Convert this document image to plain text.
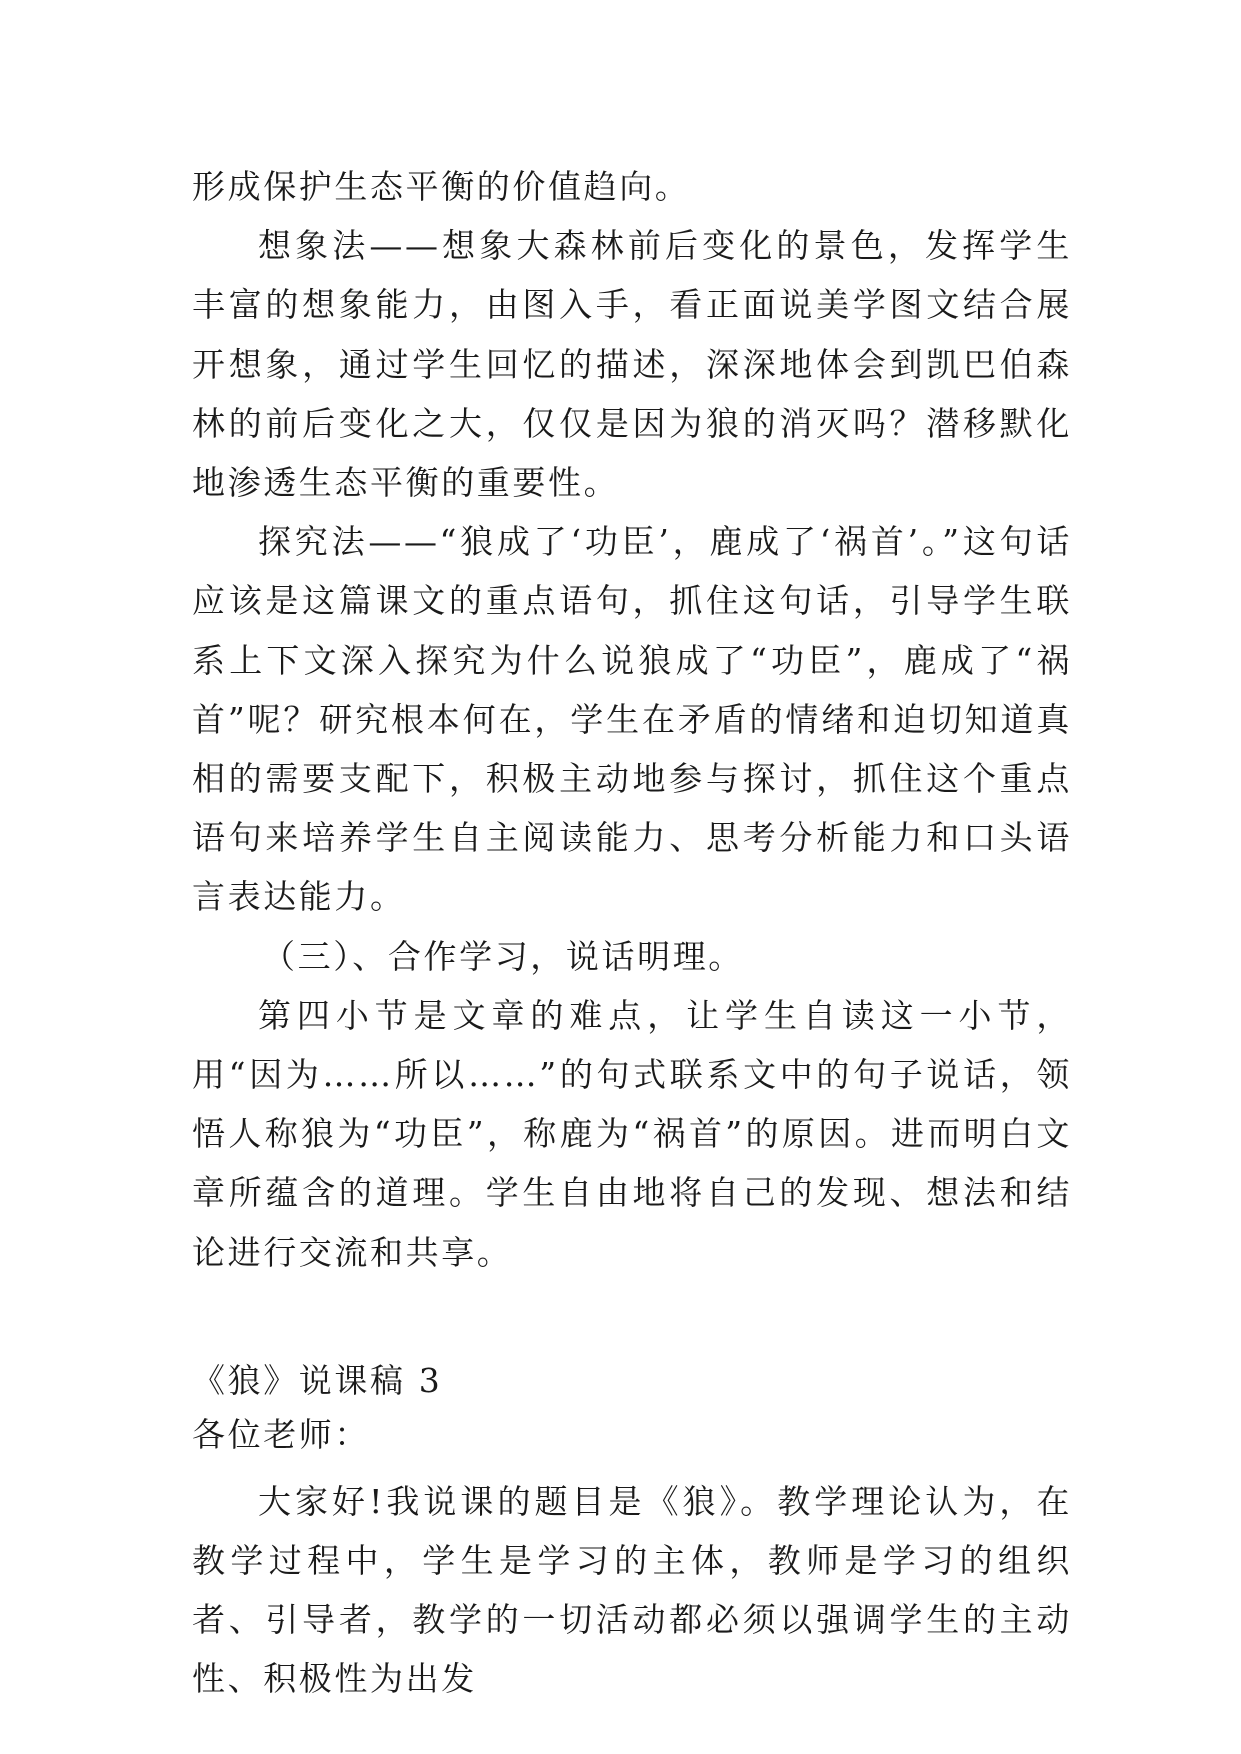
形成保护生态平衡的价值趋向。

想象法——想象大森林前后变化的景色，发挥学生丰富的想象能力，由图入手，看正面说美学图文结合展开想象，通过学生回忆的描述，深深地体会到凯巴伯森林的前后变化之大，仅仅是因为狼的消灭吗？潜移默化地渗透生态平衡的重要性。

探究法——“狼成了‘功臣’，鹿成了‘祸首’。”这句话应该是这篇课文的重点语句，抓住这句话，引导学生联系上下文深入探究为什么说狼成了“功臣”，鹿成了“祸首”呢？研究根本何在，学生在矛盾的情绪和迫切知道真相的需要支配下，积极主动地参与探讨，抓住这个重点语句来培养学生自主阅读能力、思考分析能力和口头语言表达能力。

（三）、合作学习，说话明理。

第四小节是文章的难点，让学生自读这一小节，用“因为……所以……”的句式联系文中的句子说话，领悟人称狼为“功臣”，称鹿为“祸首”的原因。进而明白文章所蕴含的道理。学生自由地将自己的发现、想法和结论进行交流和共享。

《狼》说课稿 3

各位老师：

大家好!我说课的题目是《狼》。教学理论认为，在教学过程中，学生是学习的主体，教师是学习的组织者、引导者，教学的一切活动都必须以强调学生的主动性、积极性为出发
